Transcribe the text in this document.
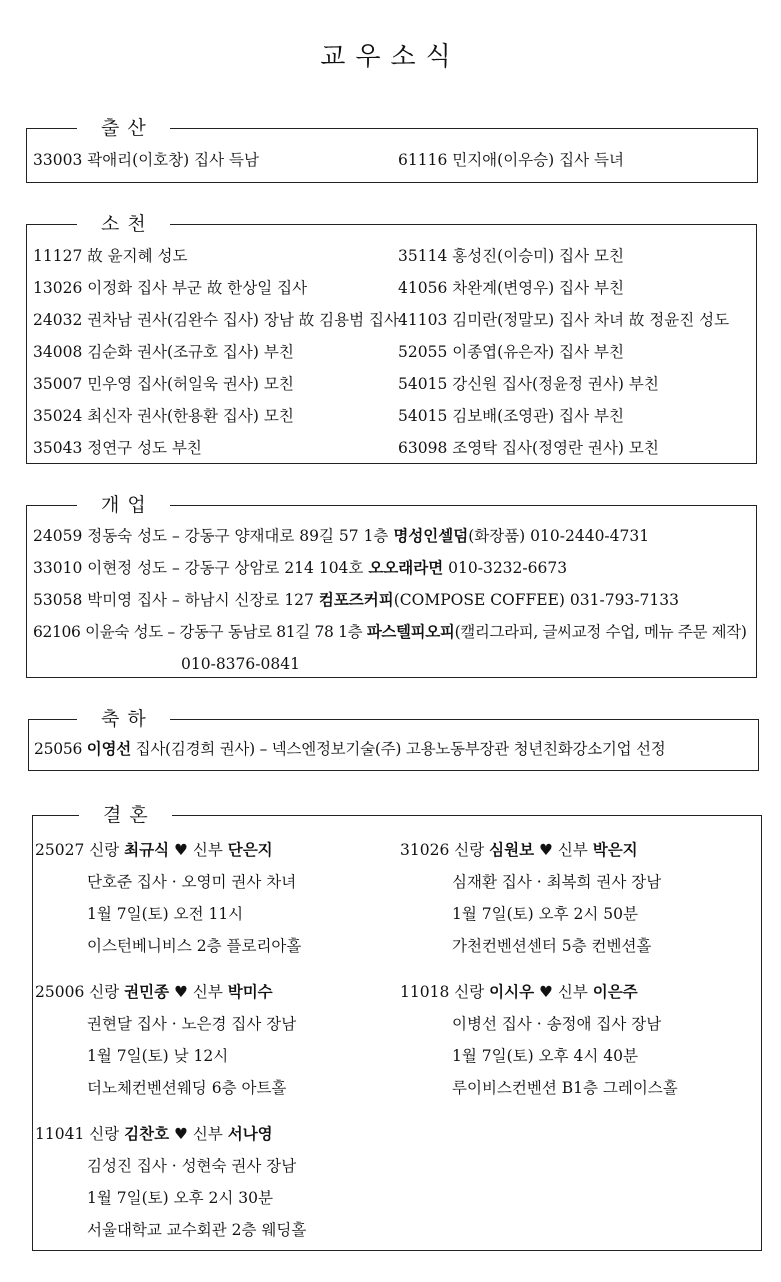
교우소식
출산
33003 곽애리(이호창) 집사 득남	61116 민지애(이우승) 집사 득녀
소천
11127 故 윤지혜 성도
13026 이정화 집사 부군 故 한상일 집사
24032 권차남 권사(김완수 집사) 장남 故 김용범 집사
34008 김순화 권사(조규호 집사) 부친
35007 민우영 집사(허일욱 권사) 모친
35024 최신자 권사(한용환 집사) 모친
35043 정연구 성도 부친
35114 홍성진(이승미) 집사 모친
41056 차완계(변영우) 집사 부친
41103 김미란(정말모) 집사 차녀 故 정윤진 성도
52055 이종엽(유은자) 집사 부친
54015 강신원 집사(정윤정 권사) 부친
54015 김보배(조영관) 집사 부친
63098 조영탁 집사(정영란 권사) 모친
개업
24059 정동숙 성도 – 강동구 양재대로 89길 57 1층 명성인셀덤(화장품) 010-2440-4731
33010 이현정 성도 – 강동구 상암로 214 104호 오오래라면 010-3232-6673
53058 박미영 집사 – 하남시 신장로 127 컴포즈커피(COMPOSE COFFEE) 031-793-7133
62106 이윤숙 성도 – 강동구 동남로 81길 78 1층 파스텔피오피(캘리그라피, 글씨교정 수업, 메뉴 주문 제작)
010-8376-0841
축하
25056 이영선 집사(김경희 권사) – 넥스엔정보기술(주) 고용노동부장관 청년친화강소기업 선정
결혼
25027 신랑 최규식 ♥ 신부 단은지
단호준 집사 · 오영미 권사 차녀
1월 7일(토) 오전 11시
이스턴베니비스 2층 플로리아홀
31026 신랑 심원보 ♥ 신부 박은지
심재환 집사 · 최복희 권사 장남
1월 7일(토) 오후 2시 50분
가천컨벤션센터 5층 컨벤션홀
25006 신랑 권민종 ♥ 신부 박미수
권현달 집사 · 노은경 집사 장남
1월 7일(토) 낮 12시
더노체컨벤션웨딩 6층 아트홀
11018 신랑 이시우 ♥ 신부 이은주
이병선 집사 · 송정애 집사 장남
1월 7일(토) 오후 4시 40분
루이비스컨벤션 B1층 그레이스홀
11041 신랑 김찬호 ♥ 신부 서나영
김성진 집사 · 성현숙 권사 장남
1월 7일(토) 오후 2시 30분
서울대학교 교수회관 2층 웨딩홀
